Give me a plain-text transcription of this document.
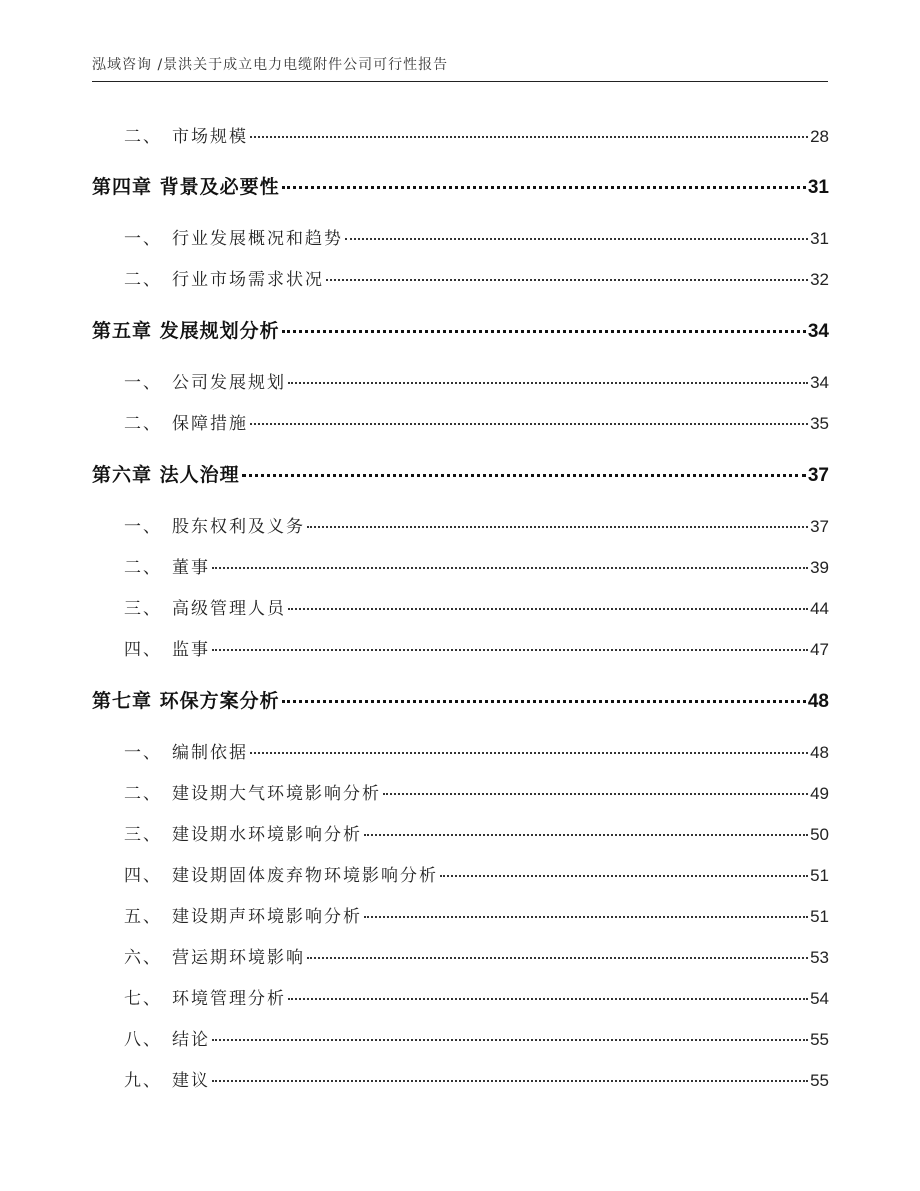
泓域咨询 /景洪关于成立电力电缆附件公司可行性报告
二、 市场规模	28
第四章 背景及必要性	31
一、 行业发展概况和趋势	31
二、 行业市场需求状况	32
第五章 发展规划分析	34
一、 公司发展规划	34
二、 保障措施	35
第六章 法人治理	37
一、 股东权利及义务	37
二、 董事	39
三、 高级管理人员	44
四、 监事	47
第七章 环保方案分析	48
一、 编制依据	48
二、 建设期大气环境影响分析	49
三、 建设期水环境影响分析	50
四、 建设期固体废弃物环境影响分析	51
五、 建设期声环境影响分析	51
六、 营运期环境影响	53
七、 环境管理分析	54
八、 结论	55
九、 建议	55
